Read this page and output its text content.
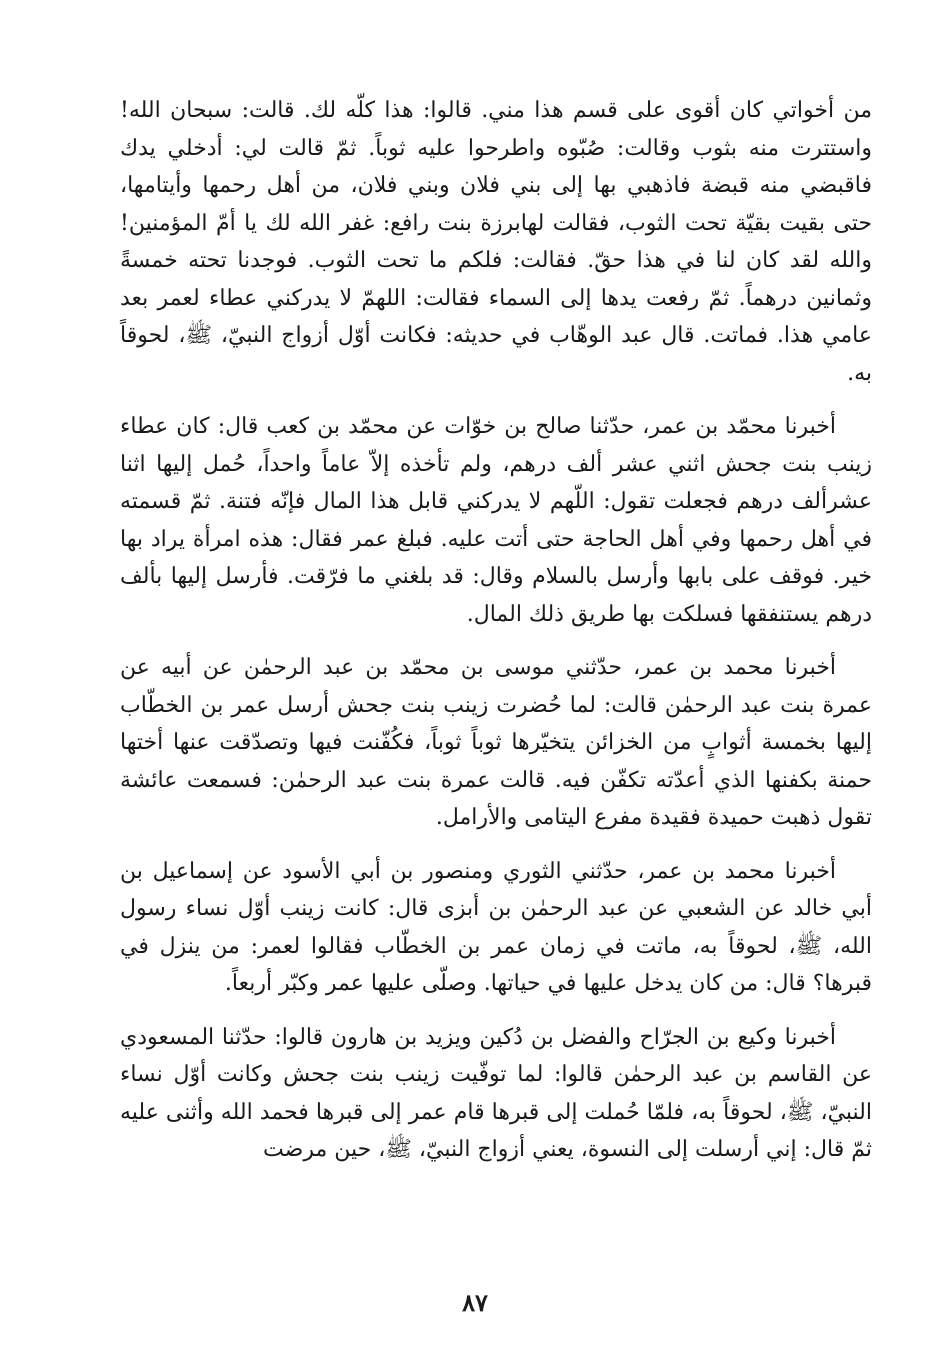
من أخواتي كان أقوى على قسم هذا مني. قالوا: هذا كلّه لك. قالت: سبحان الله! واستترت منه بثوب وقالت: صُبّوه واطرحوا عليه ثوباً. ثمّ قالت لي: أدخلي يدك فاقبضي منه قبضة فاذهبي بها إلى بني فلان وبني فلان، من أهل رحمها وأيتامها، حتى بقيت بقيّة تحت الثوب، فقالت لهابرزة بنت رافع: غفر الله لك يا أمّ المؤمنين! والله لقد كان لنا في هذا حقّ. فقالت: فلكم ما تحت الثوب. فوجدنا تحته خمسةً وثمانين درهماً. ثمّ رفعت يدها إلى السماء فقالت: اللهمّ لا يدركني عطاء لعمر بعد عامي هذا. فماتت. قال عبد الوهّاب في حديثه: فكانت أوّل أزواج النبيّ، ﷺ، لحوقاً به.

أخبرنا محمّد بن عمر، حدّثنا صالح بن خوّات عن محمّد بن كعب قال: كان عطاء زينب بنت جحش اثني عشر ألف درهم، ولم تأخذه إلاّ عاماً واحداً، حُمل إليها اثنا عشرألف درهم فجعلت تقول: اللّهم لا يدركني قابل هذا المال فإنّه فتنة. ثمّ قسمته في أهل رحمها وفي أهل الحاجة حتى أتت عليه. فبلغ عمر فقال: هذه امرأة يراد بها خير. فوقف على بابها وأرسل بالسلام وقال: قد بلغني ما فرّقت. فأرسل إليها بألف درهم يستنفقها فسلكت بها طريق ذلك المال.

أخبرنا محمد بن عمر، حدّثني موسى بن محمّد بن عبد الرحمٰن عن أبيه عن عمرة بنت عبد الرحمٰن قالت: لما حُضرت زينب بنت جحش أرسل عمر بن الخطّاب إليها بخمسة أثوابٍ من الخزائن يتخيّرها ثوباً ثوباً، فكُفّنت فيها وتصدّقت عنها أختها حمنة بكفنها الذي أعدّته تكفّن فيه. قالت عمرة بنت عبد الرحمٰن: فسمعت عائشة تقول ذهبت حميدة فقيدة مفرع اليتامى والأرامل.

أخبرنا محمد بن عمر، حدّثني الثوري ومنصور بن أبي الأسود عن إسماعيل بن أبي خالد عن الشعبي عن عبد الرحمٰن بن أبزى قال: كانت زينب أوّل نساء رسول الله، ﷺ، لحوقاً به، ماتت في زمان عمر بن الخطّاب فقالوا لعمر: من ينزل في قبرها؟ قال: من كان يدخل عليها في حياتها. وصلّى عليها عمر وكبّر أربعاً.

أخبرنا وكيع بن الجرّاح والفضل بن دُكين ويزيد بن هارون قالوا: حدّثنا المسعودي عن القاسم بن عبد الرحمٰن قالوا: لما توفّيت زينب بنت جحش وكانت أوّل نساء النبيّ، ﷺ، لحوقاً به، فلمّا حُملت إلى قبرها قام عمر إلى قبرها فحمد الله وأثنى عليه ثمّ قال: إني أرسلت إلى النسوة، يعني أزواج النبيّ، ﷺ، حين مرضت

٨٧
